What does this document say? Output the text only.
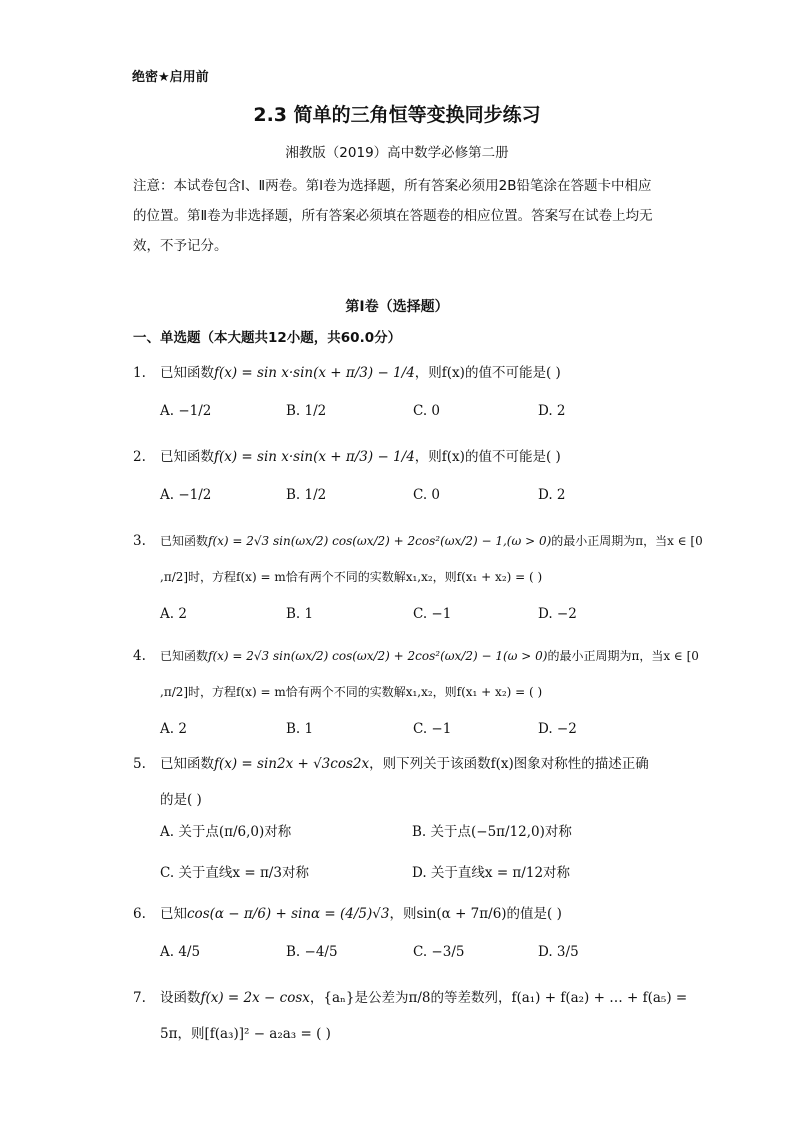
绝密★启用前
2.3 简单的三角恒等变换同步练习
湘教版（2019）高中数学必修第二册
注意：本试卷包含Ⅰ、Ⅱ两卷。第Ⅰ卷为选择题，所有答案必须用2B铅笔涂在答题卡中相应的位置。第Ⅱ卷为非选择题，所有答案必须填在答题卷的相应位置。答案写在试卷上均无效，不予记分。
第Ⅰ卷（选择题）
一、单选题（本大题共12小题，共60.0分）
1. 已知函数f(x) = sin x·sin(x + π/3) − 1/4，则f(x)的值不可能是( )
A. −1/2	B. 1/2	C. 0	D. 2
2. 已知函数f(x) = sin x·sin(x + π/3) − 1/4，则f(x)的值不可能是( )
A. −1/2	B. 1/2	C. 0	D. 2
3. 已知函数f(x) = 2√3 sin(ωx/2) cos(ωx/2) + 2cos²(ωx/2) − 1,(ω > 0)的最小正周期为π，当x ∈ [0
,π/2]时，方程f(x) = m恰有两个不同的实数解x₁,x₂，则f(x₁ + x₂) = ( )
A. 2	B. 1	C. −1	D. −2
4. 已知函数f(x) = 2√3 sin(ωx/2) cos(ωx/2) + 2cos²(ωx/2) − 1(ω > 0)的最小正周期为π，当x ∈ [0
,π/2]时，方程f(x) = m恰有两个不同的实数解x₁,x₂，则f(x₁ + x₂) = ( )
A. 2	B. 1	C. −1	D. −2
5. 已知函数f(x) = sin2x + √3cos2x，则下列关于该函数f(x)图象对称性的描述正确
的是( )
A. 关于点(π/6,0)对称	B. 关于点(−5π/12,0)对称
C. 关于直线x = π/3对称	D. 关于直线x = π/12对称
6. 已知cos(α − π/6) + sinα = (4/5)√3，则sin(α + 7π/6)的值是( )
A. 4/5	B. −4/5	C. −3/5	D. 3/5
7. 设函数f(x) = 2x − cosx，{aₙ}是公差为π/8的等差数列，f(a₁) + f(a₂) + … + f(a₅) =
5π，则[f(a₃)]² − a₂a₃ = ( )
